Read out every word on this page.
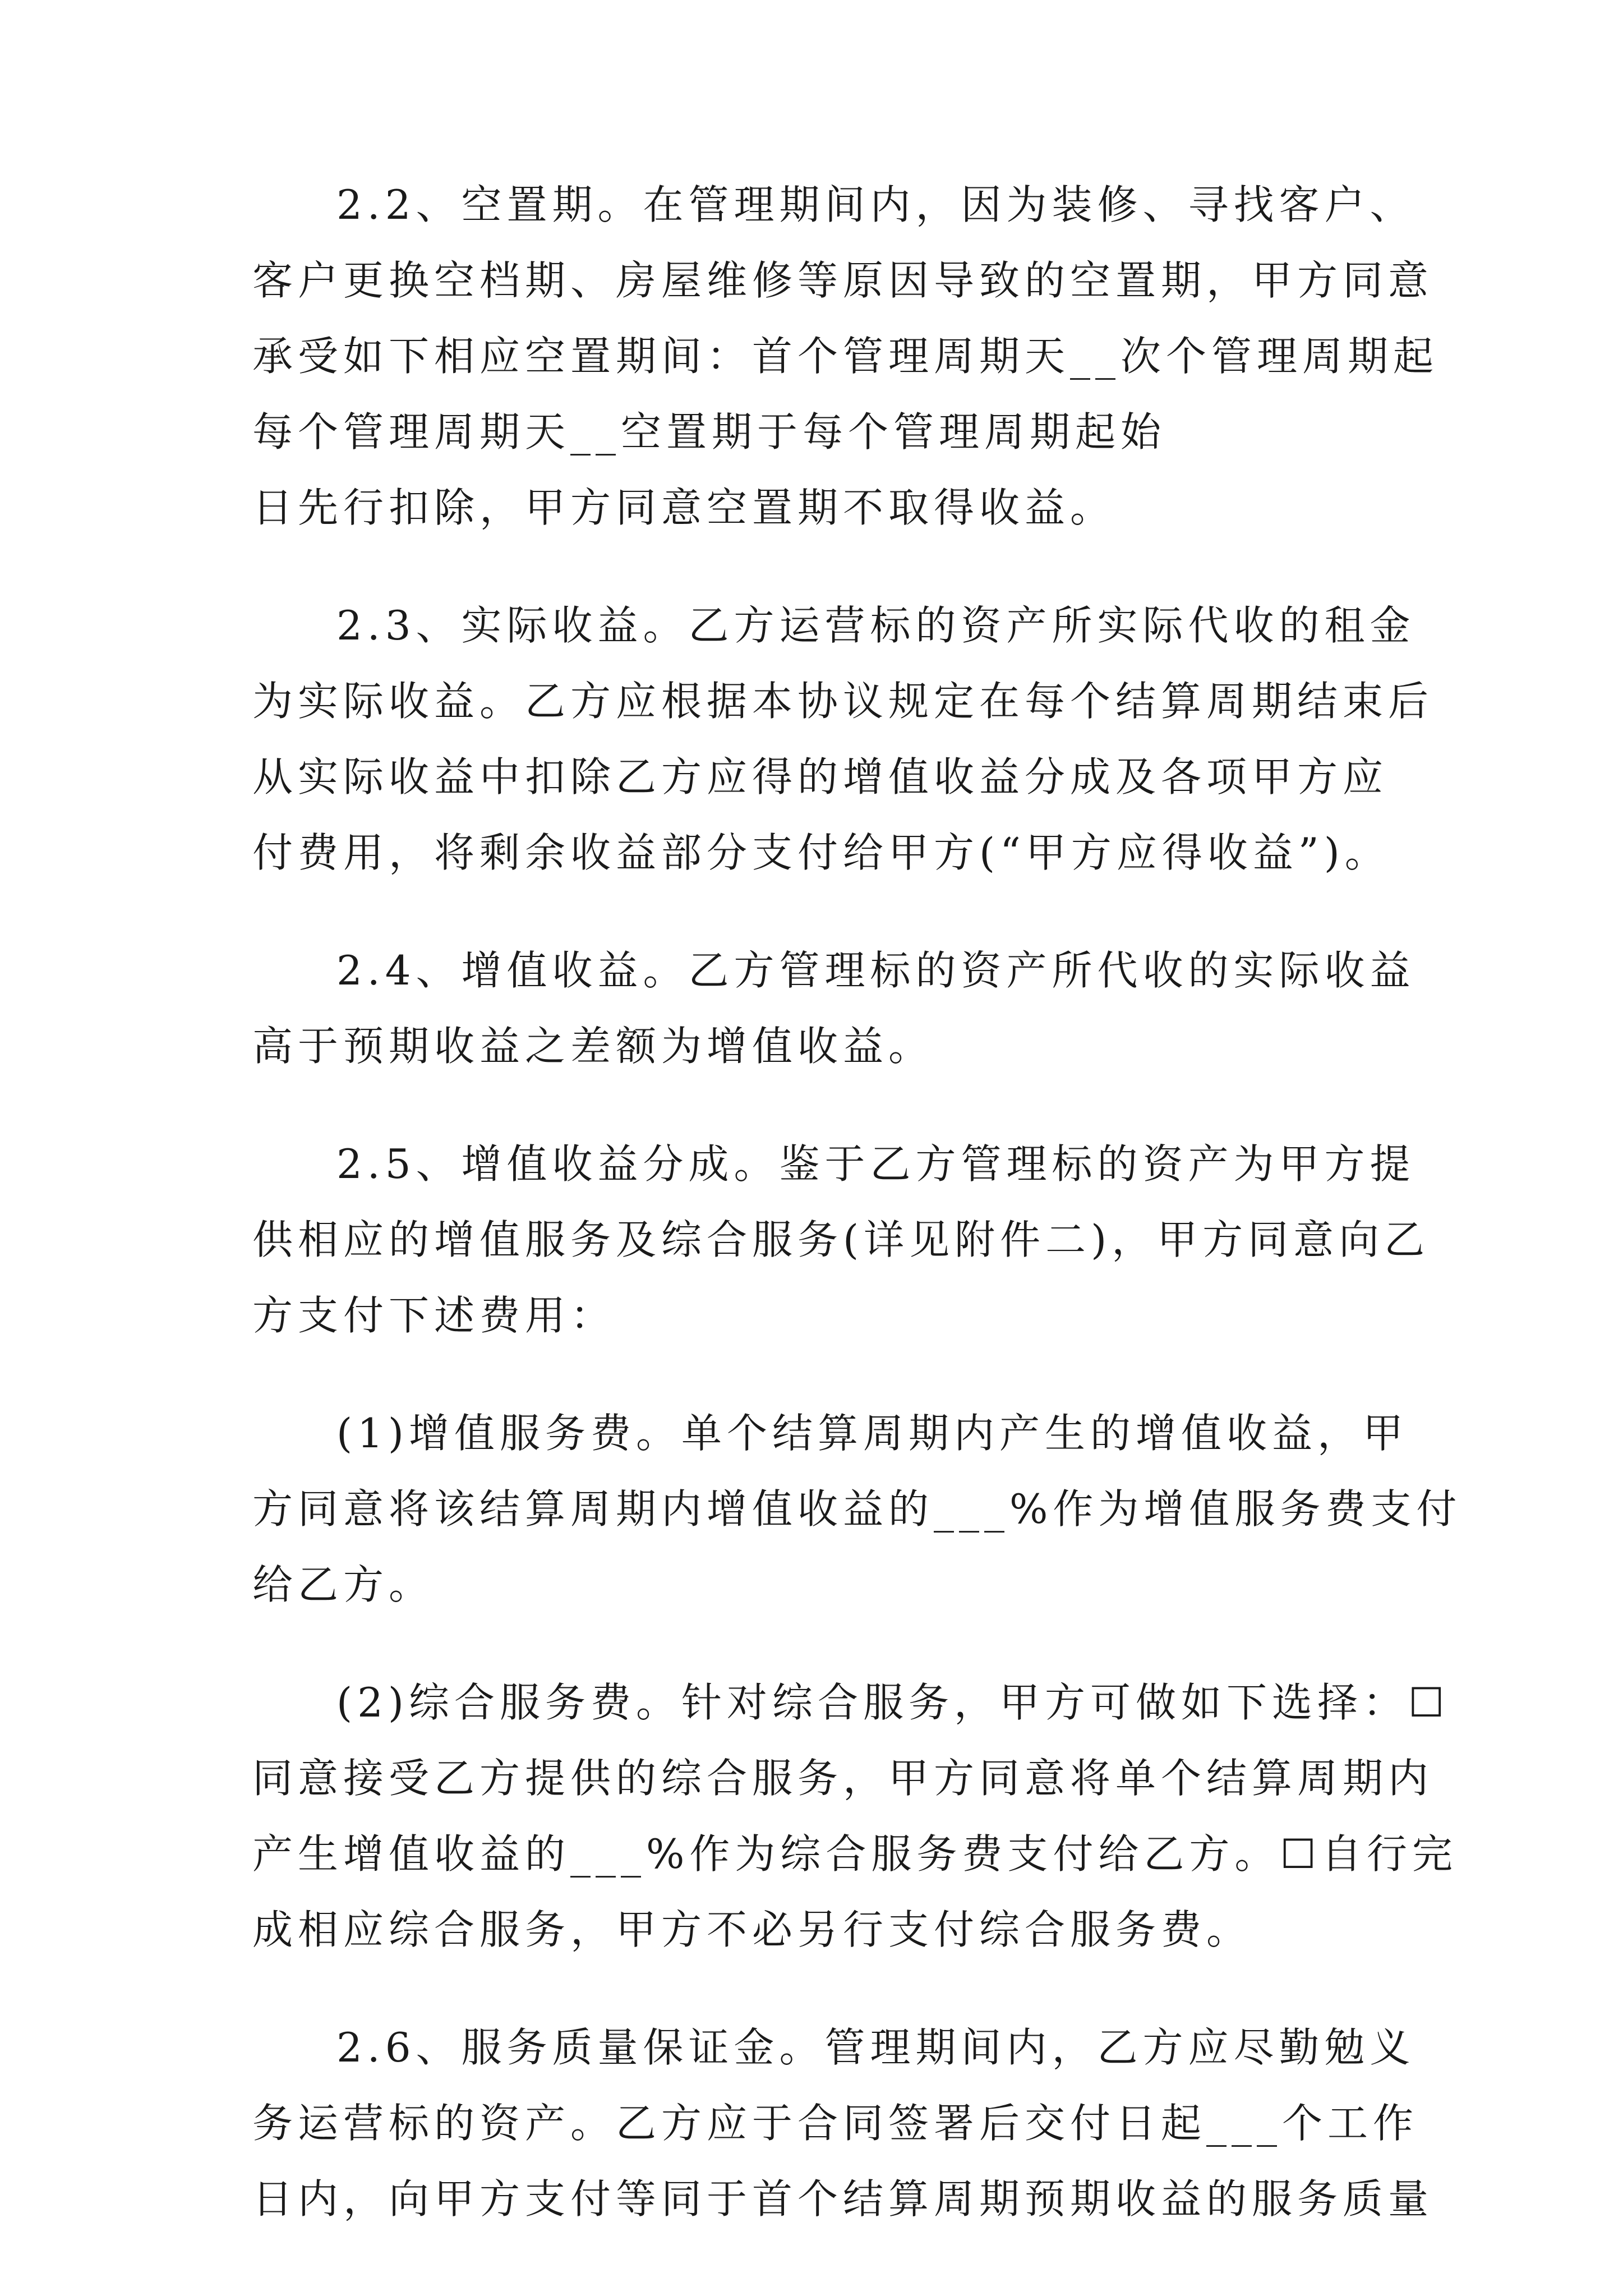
2.2、空置期。在管理期间内，因为装修、寻找客户、
客户更换空档期、房屋维修等原因导致的空置期，甲方同意
承受如下相应空置期间：首个管理周期天__次个管理周期起
每个管理周期天__空置期于每个管理周期起始
日先行扣除，甲方同意空置期不取得收益。
2.3、实际收益。乙方运营标的资产所实际代收的租金
为实际收益。乙方应根据本协议规定在每个结算周期结束后
从实际收益中扣除乙方应得的增值收益分成及各项甲方应
付费用，将剩余收益部分支付给甲方(“甲方应得收益”)。
2.4、增值收益。乙方管理标的资产所代收的实际收益
高于预期收益之差额为增值收益。
2.5、增值收益分成。鉴于乙方管理标的资产为甲方提
供相应的增值服务及综合服务(详见附件二)，甲方同意向乙
方支付下述费用：
(1)增值服务费。单个结算周期内产生的增值收益，甲
方同意将该结算周期内增值收益的___%作为增值服务费支付
给乙方。
(2)综合服务费。针对综合服务，甲方可做如下选择：☐
同意接受乙方提供的综合服务，甲方同意将单个结算周期内
产生增值收益的___%作为综合服务费支付给乙方。☐自行完
成相应综合服务，甲方不必另行支付综合服务费。
2.6、服务质量保证金。管理期间内，乙方应尽勤勉义
务运营标的资产。乙方应于合同签署后交付日起___个工作
日内，向甲方支付等同于首个结算周期预期收益的服务质量
